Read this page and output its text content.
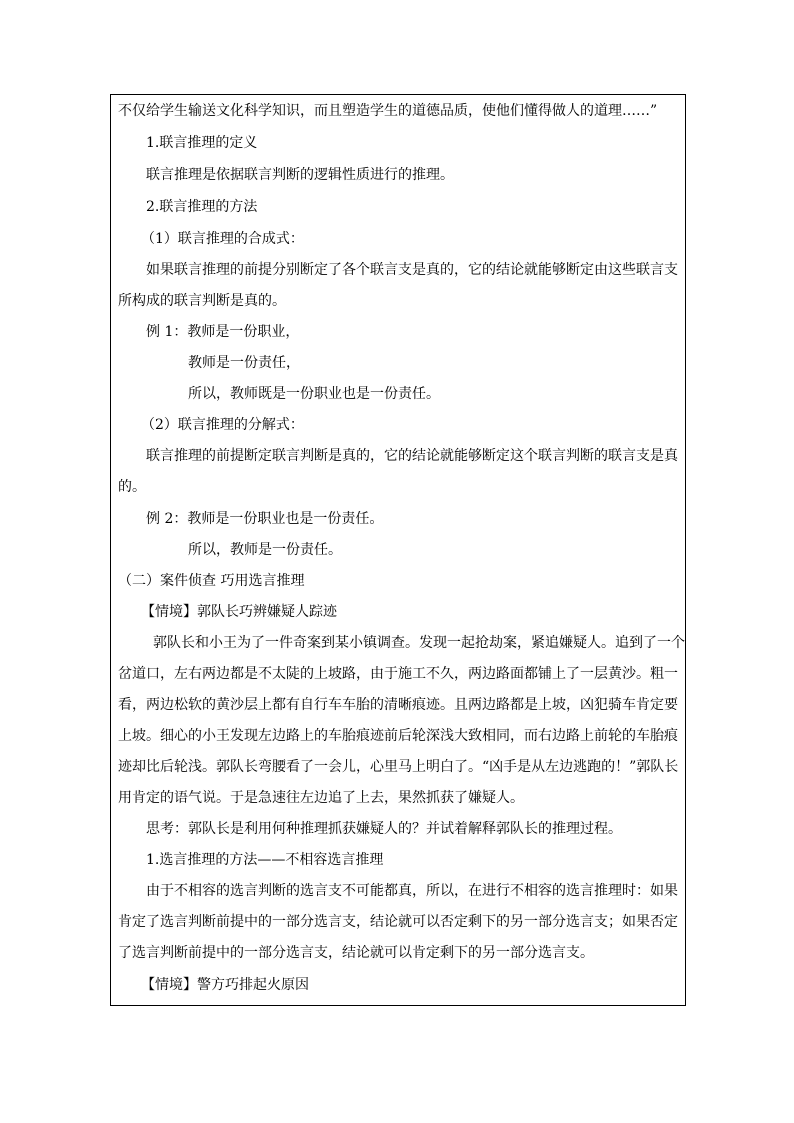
不仅给学生输送文化科学知识，而且塑造学生的道德品质，使他们懂得做人的道理……”
1.联言推理的定义
联言推理是依据联言判断的逻辑性质进行的推理。
2.联言推理的方法
（1）联言推理的合成式：
如果联言推理的前提分别断定了各个联言支是真的，它的结论就能够断定由这些联言支
所构成的联言判断是真的。
例 1：教师是一份职业，
教师是一份责任，
所以，教师既是一份职业也是一份责任。
（2）联言推理的分解式：
联言推理的前提断定联言判断是真的，它的结论就能够断定这个联言判断的联言支是真
的。
例 2：教师是一份职业也是一份责任。
所以，教师是一份责任。
（二）案件侦查 巧用选言推理
【情境】郭队长巧辨嫌疑人踪迹
郭队长和小王为了一件奇案到某小镇调查。发现一起抢劫案，紧追嫌疑人。追到了一个
岔道口，左右两边都是不太陡的上坡路，由于施工不久，两边路面都铺上了一层黄沙。粗一
看，两边松软的黄沙层上都有自行车车胎的清晰痕迹。且两边路都是上坡，凶犯骑车肯定要
上坡。细心的小王发现左边路上的车胎痕迹前后轮深浅大致相同，而右边路上前轮的车胎痕
迹却比后轮浅。郭队长弯腰看了一会儿，心里马上明白了。“凶手是从左边逃跑的！”郭队长
用肯定的语气说。于是急速往左边追了上去，果然抓获了嫌疑人。
思考：郭队长是利用何种推理抓获嫌疑人的？并试着解释郭队长的推理过程。
1.选言推理的方法——不相容选言推理
由于不相容的选言判断的选言支不可能都真，所以，在进行不相容的选言推理时：如果
肯定了选言判断前提中的一部分选言支，结论就可以否定剩下的另一部分选言支；如果否定
了选言判断前提中的一部分选言支，结论就可以肯定剩下的另一部分选言支。
【情境】警方巧排起火原因
